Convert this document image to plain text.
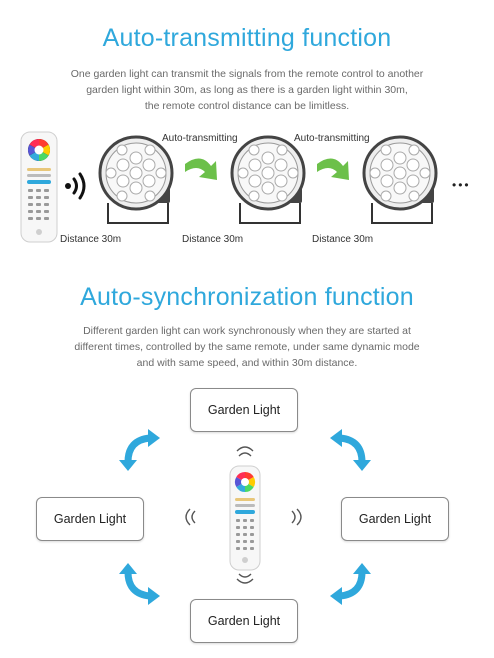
Auto-transmitting function
One garden light can transmit the signals from the remote control to another
garden light within 30m, as long as there is a garden light within 30m,
the remote control distance can be limitless.
Auto-transmitting	Auto-transmitting
•••
Distance 30m	Distance 30m	Distance 30m
Auto-synchronization function
Different garden light can work synchronously when they are started at
different times, controlled by the same remote, under same dynamic mode
and with same speed, and within 30m distance.
Garden Light
Garden Light	Garden Light
Garden Light
